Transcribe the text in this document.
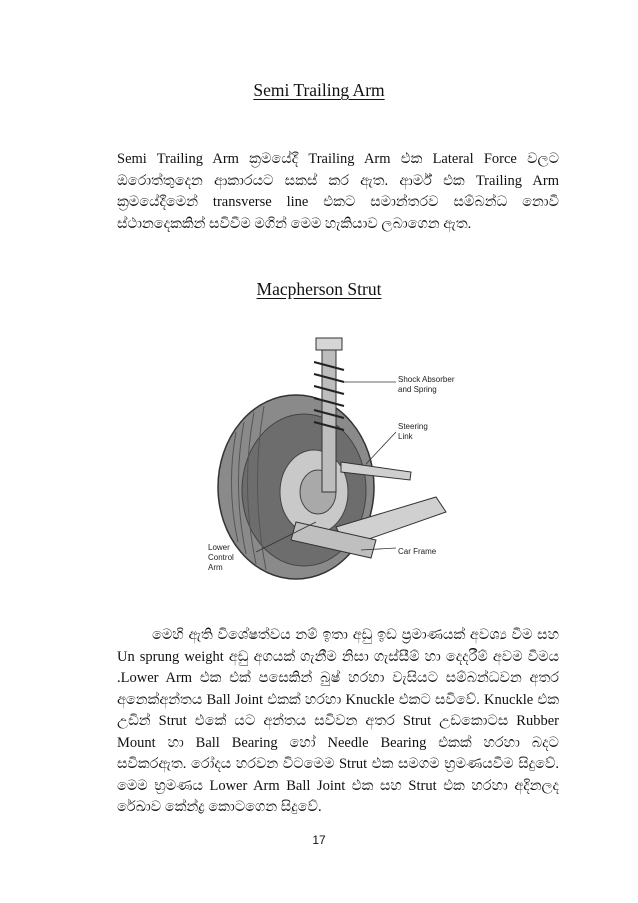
Semi Trailing Arm
Semi Trailing Arm ක්‍රමයේදී Trailing Arm එක Lateral Force වලට
ඔරොත්තුදෙන ආකාරයට සකස් කර ඇත. ආර්ම් එක Trailing Arm
ක්‍රමයේදීමෙන් transverse line එකට සමාන්තරව සම්බන්ධ නොවී
ස්ථානදෙකකින් සවිවීම මගින් මෙම හැකියාව ලබාගෙන ඇත.
Macpherson Strut
Shock Absorber
and Spring
Steering
Link
Lower
Control
Arm
Car Frame
මෙහි ඇති විශේෂත්වය නම් ඉතා අඩු ඉඩ ප්‍රමාණයක් අවශ්‍ය වීම සහ
Un sprung weight අඩු අගයක් ගැනීම නිසා ගැස්සීම් හා දෙදරීම් අවම වීමය
.Lower Arm එක එක් පසෙකින් බුෂ් හරහා වැසියට සම්බන්ධවන අතර
අනෙක්අන්තය Ball Joint එකක් හරහා Knuckle එකට සවිවේ. Knuckle එක
උඩින් Strut එකේ යට අන්තය සවිවන අතර Strut උඩකොටස Rubber
Mount හා Ball Bearing හෝ Needle Bearing එකක් හරහා බදට
සවිකරඇත. රෝදය හරවන විටමෙම Strut එක සමගම භ්‍රමණයවීම සිදුවේ.
මෙම භ්‍රමණය Lower Arm Ball Joint එක සහ Strut එක හරහා අදිනලද
රේඛාව කේන්ද්‍ර කොටගෙන සිදුවේ.
17
